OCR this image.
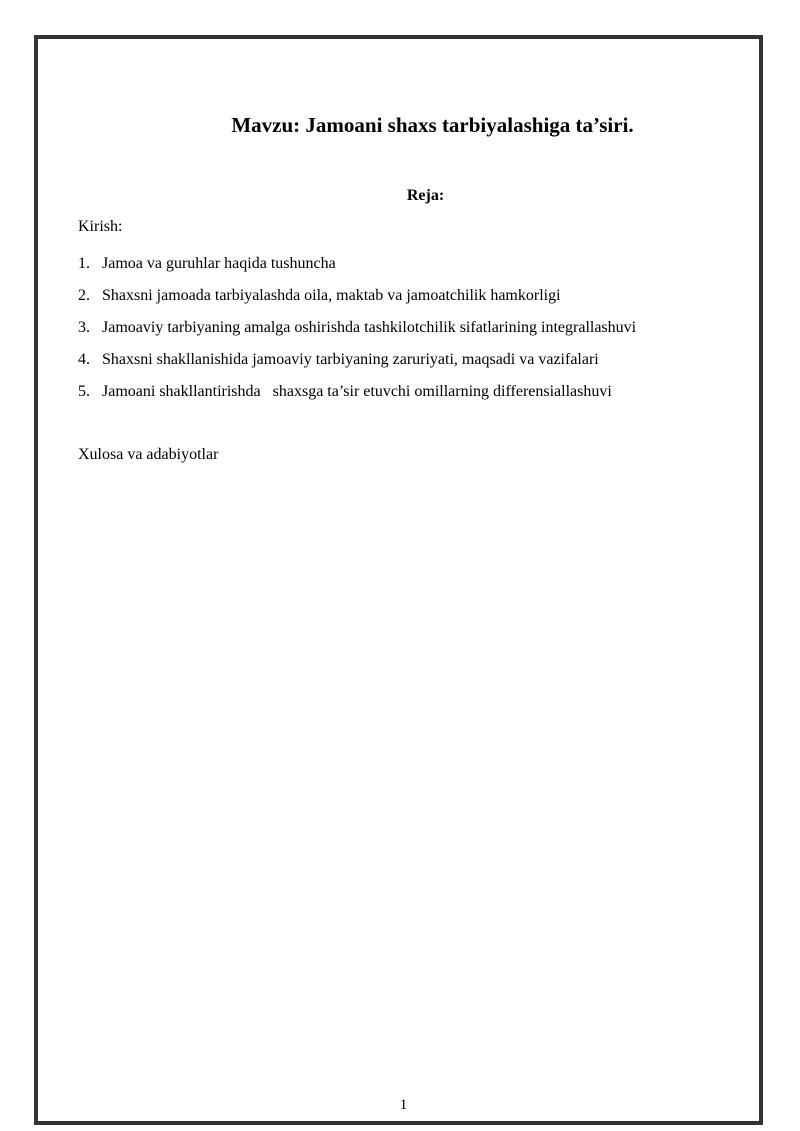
Mavzu: Jamoani shaxs tarbiyalashiga ta’siri.
Reja:
Kirish:
1. Jamoa va guruhlar haqida tushuncha
2. Shaxsni jamoada tarbiyalashda oila, maktab va jamoatchilik hamkorligi
3. Jamoaviy tarbiyaning amalga oshirishda tashkilotchilik sifatlarining integrallashuvi
4. Shaxsni shakllanishida jamoaviy tarbiyaning zaruriyati, maqsadi va vazifalari
5. Jamoani shakllantirishda   shaxsga ta’sir etuvchi omillarning differensiallashuvi
Xulosa va adabiyotlar
1
